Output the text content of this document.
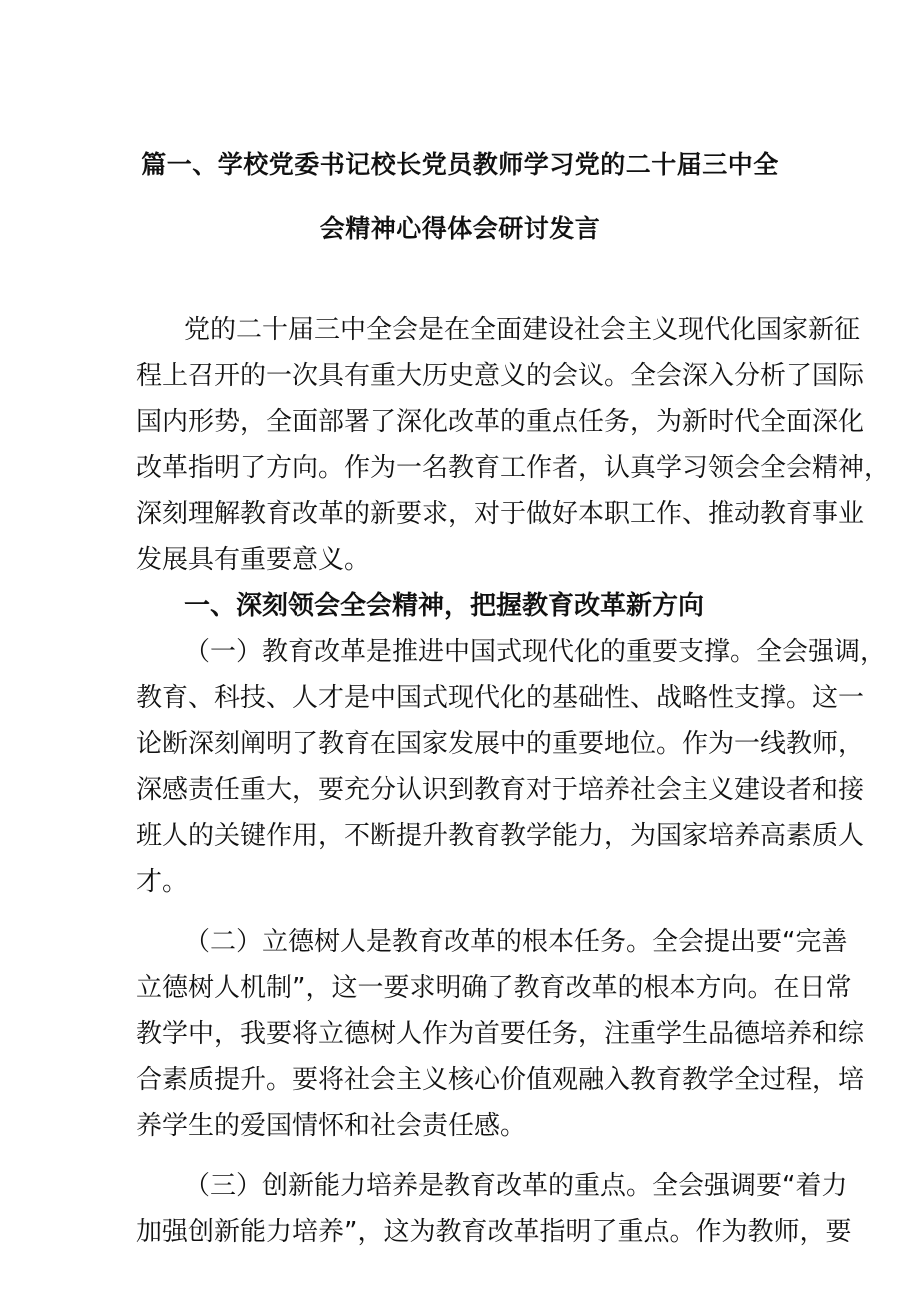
篇一、学校党委书记校长党员教师学习党的二十届三中全
会精神心得体会研讨发言
党的二十届三中全会是在全面建设社会主义现代化国家新征
程上召开的一次具有重大历史意义的会议。全会深入分析了国际
国内形势，全面部署了深化改革的重点任务，为新时代全面深化
改革指明了方向。作为一名教育工作者，认真学习领会全会精神，
深刻理解教育改革的新要求，对于做好本职工作、推动教育事业
发展具有重要意义。
一、深刻领会全会精神，把握教育改革新方向
（一）教育改革是推进中国式现代化的重要支撑。全会强调，
教育、科技、人才是中国式现代化的基础性、战略性支撑。这一
论断深刻阐明了教育在国家发展中的重要地位。作为一线教师，
深感责任重大，要充分认识到教育对于培养社会主义建设者和接
班人的关键作用，不断提升教育教学能力，为国家培养高素质人
才。
（二）立德树人是教育改革的根本任务。全会提出要“完善
立德树人机制”，这一要求明确了教育改革的根本方向。在日常
教学中，我要将立德树人作为首要任务，注重学生品德培养和综
合素质提升。要将社会主义核心价值观融入教育教学全过程，培
养学生的爱国情怀和社会责任感。
（三）创新能力培养是教育改革的重点。全会强调要“着力
加强创新能力培养”，这为教育改革指明了重点。作为教师，要
